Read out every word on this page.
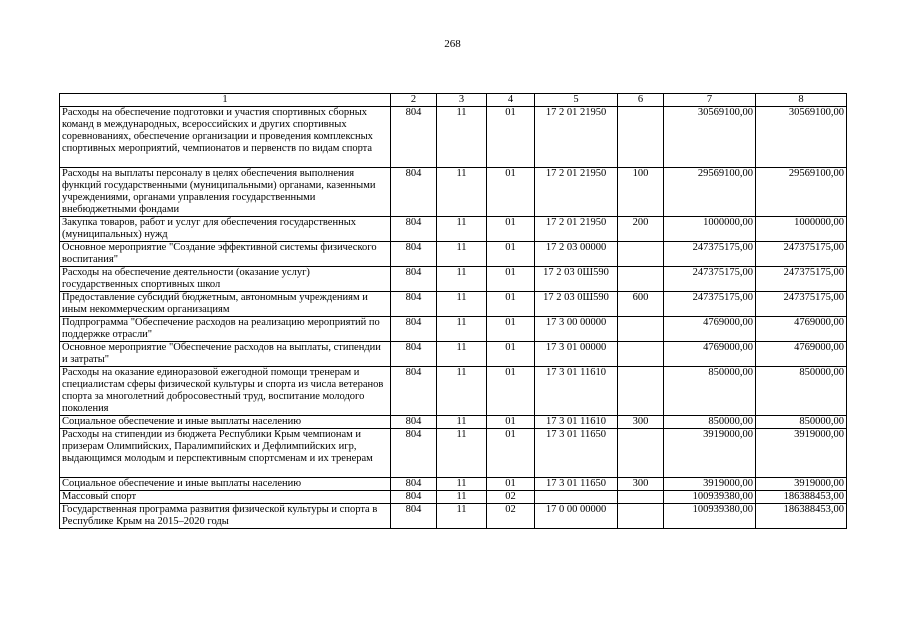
268
1	2	3	4	5	6	7	8
Расходы на обеспечение подготовки и участия спортивных сборных команд в международных, всероссийских и других спортивных соревнованиях, обеспечение организации и проведения комплексных спортивных мероприятий, чемпионатов и первенств по видам спорта	804	11	01	17 2 01 21950		30569100,00	30569100,00
Расходы на выплаты персоналу в целях обеспечения выполнения функций государственными (муниципальными) органами, казенными учреждениями, органами управления государственными внебюджетными фондами	804	11	01	17 2 01 21950	100	29569100,00	29569100,00
Закупка товаров, работ и услуг для обеспечения государственных (муниципальных) нужд	804	11	01	17 2 01 21950	200	1000000,00	1000000,00
Основное мероприятие "Создание эффективной системы физического воспитания"	804	11	01	17 2 03 00000		247375175,00	247375175,00
Расходы на обеспечение деятельности (оказание услуг) государственных спортивных школ	804	11	01	17 2 03 0Ш590		247375175,00	247375175,00
Предоставление субсидий бюджетным, автономным учреждениям и иным некоммерческим организациям	804	11	01	17 2 03 0Ш590	600	247375175,00	247375175,00
Подпрограмма "Обеспечение расходов на реализацию мероприятий по поддержке отрасли"	804	11	01	17 3 00 00000		4769000,00	4769000,00
Основное мероприятие "Обеспечение расходов на выплаты, стипендии и затраты"	804	11	01	17 3 01 00000		4769000,00	4769000,00
Расходы на оказание единоразовой ежегодной помощи тренерам и специалистам сферы физической культуры и спорта из числа ветеранов спорта за многолетний добросовестный труд, воспитание молодого поколения	804	11	01	17 3 01 11610		850000,00	850000,00
Социальное обеспечение и иные выплаты населению	804	11	01	17 3 01 11610	300	850000,00	850000,00
Расходы на стипендии из бюджета Республики Крым чемпионам и призерам Олимпийских, Паралимпийских и Дефлимпийских игр, выдающимся молодым и перспективным спортсменам и их тренерам	804	11	01	17 3 01 11650		3919000,00	3919000,00
Социальное обеспечение и иные выплаты населению	804	11	01	17 3 01 11650	300	3919000,00	3919000,00
Массовый спорт	804	11	02			100939380,00	186388453,00
Государственная программа развития физической культуры и спорта в Республике Крым на 2015–2020 годы	804	11	02	17 0 00 00000		100939380,00	186388453,00
